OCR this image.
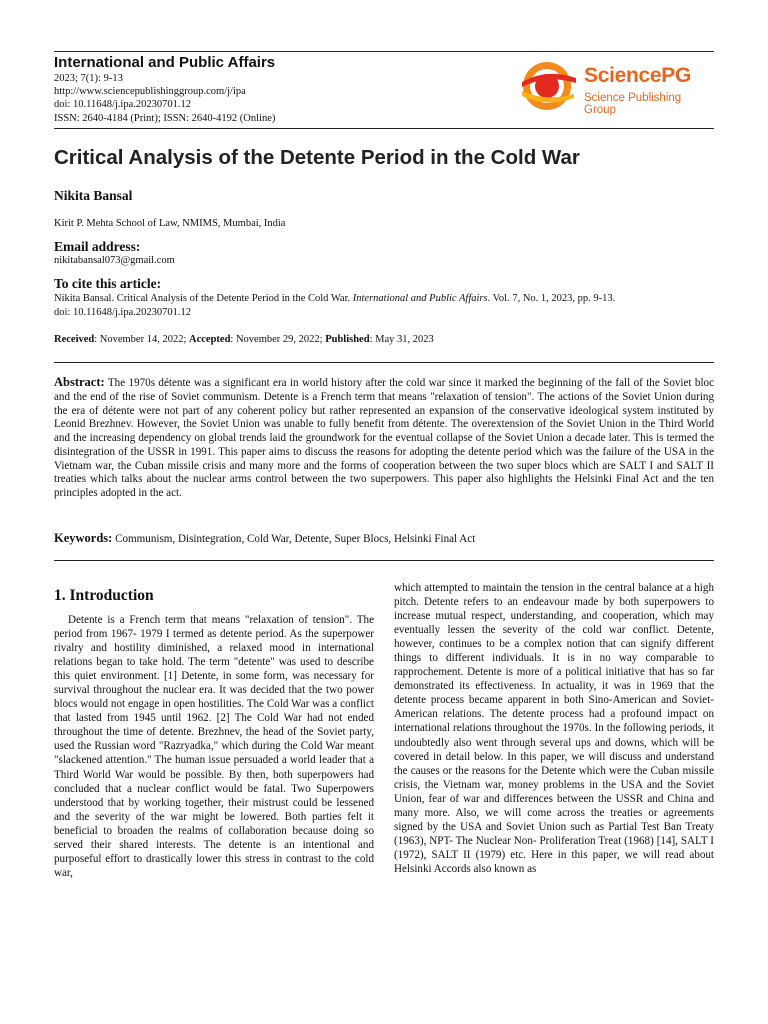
International and Public Affairs
2023; 7(1): 9-13
http://www.sciencepublishinggroup.com/j/ipa
doi: 10.11648/j.ipa.20230701.12
ISSN: 2640-4184 (Print); ISSN: 2640-4192 (Online)
SciencePG
Science Publishing Group
Critical Analysis of the Detente Period in the Cold War
Nikita Bansal
Kirit P. Mehta School of Law, NMIMS, Mumbai, India
Email address:
nikitabansal073@gmail.com
To cite this article:
Nikita Bansal. Critical Analysis of the Detente Period in the Cold War. International and Public Affairs. Vol. 7, No. 1, 2023, pp. 9-13.
doi: 10.11648/j.ipa.20230701.12
Received: November 14, 2022; Accepted: November 29, 2022; Published: May 31, 2023
Abstract: The 1970s détente was a significant era in world history after the cold war since it marked the beginning of the fall of the Soviet bloc and the end of the rise of Soviet communism. Detente is a French term that means "relaxation of tension". The actions of the Soviet Union during the era of détente were not part of any coherent policy but rather represented an expansion of the conservative ideological system instituted by Leonid Brezhnev. However, the Soviet Union was unable to fully benefit from détente. The overextension of the Soviet Union in the Third World and the increasing dependency on global trends laid the groundwork for the eventual collapse of the Soviet Union a decade later. This is termed the disintegration of the USSR in 1991. This paper aims to discuss the reasons for adopting the detente period which was the failure of the USA in the Vietnam war, the Cuban missile crisis and many more and the forms of cooperation between the two super blocs which are SALT I and SALT II treaties which talks about the nuclear arms control between the two superpowers. This paper also highlights the Helsinki Final Act and the ten principles adopted in the act.
Keywords: Communism, Disintegration, Cold War, Detente, Super Blocs, Helsinki Final Act
1. Introduction
Detente is a French term that means "relaxation of tension". The period from 1967- 1979 I termed as detente period. As the superpower rivalry and hostility diminished, a relaxed mood in international relations began to take hold. The term "detente" was used to describe this quiet environment. [1] Detente, in some form, was necessary for survival throughout the nuclear era. It was decided that the two power blocs would not engage in open hostilities. The Cold War was a conflict that lasted from 1945 until 1962. [2] The Cold War had not ended throughout the time of detente. Brezhnev, the head of the Soviet party, used the Russian word "Razryadka," which during the Cold War meant "slackened attention." The human issue persuaded a world leader that a Third World War would be possible. By then, both superpowers had concluded that a nuclear conflict would be fatal. Two Superpowers understood that by working together, their mistrust could be lessened and the severity of the war might be lowered. Both parties felt it beneficial to broaden the realms of collaboration because doing so served their shared interests. The detente is an intentional and purposeful effort to drastically lower this stress in contrast to the cold war,
which attempted to maintain the tension in the central balance at a high pitch. Detente refers to an endeavour made by both superpowers to increase mutual respect, understanding, and cooperation, which may eventually lessen the severity of the cold war conflict. Detente, however, continues to be a complex notion that can signify different things to different individuals. It is in no way comparable to rapprochement. Detente is more of a political initiative that has so far demonstrated its effectiveness. In actuality, it was in 1969 that the detente process became apparent in both Sino-American and Soviet-American relations. The detente process had a profound impact on international relations throughout the 1970s. In the following periods, it undoubtedly also went through several ups and downs, which will be covered in detail below. In this paper, we will discuss and understand the causes or the reasons for the Detente which were the Cuban missile crisis, the Vietnam war, money problems in the USA and the Soviet Union, fear of war and differences between the USSR and China and many more. Also, we will come across the treaties or agreements signed by the USA and Soviet Union such as Partial Test Ban Treaty (1963), NPT- The Nuclear Non- Proliferation Treat (1968) [14], SALT I (1972), SALT II (1979) etc. Here in this paper, we will read about Helsinki Accords also known as
